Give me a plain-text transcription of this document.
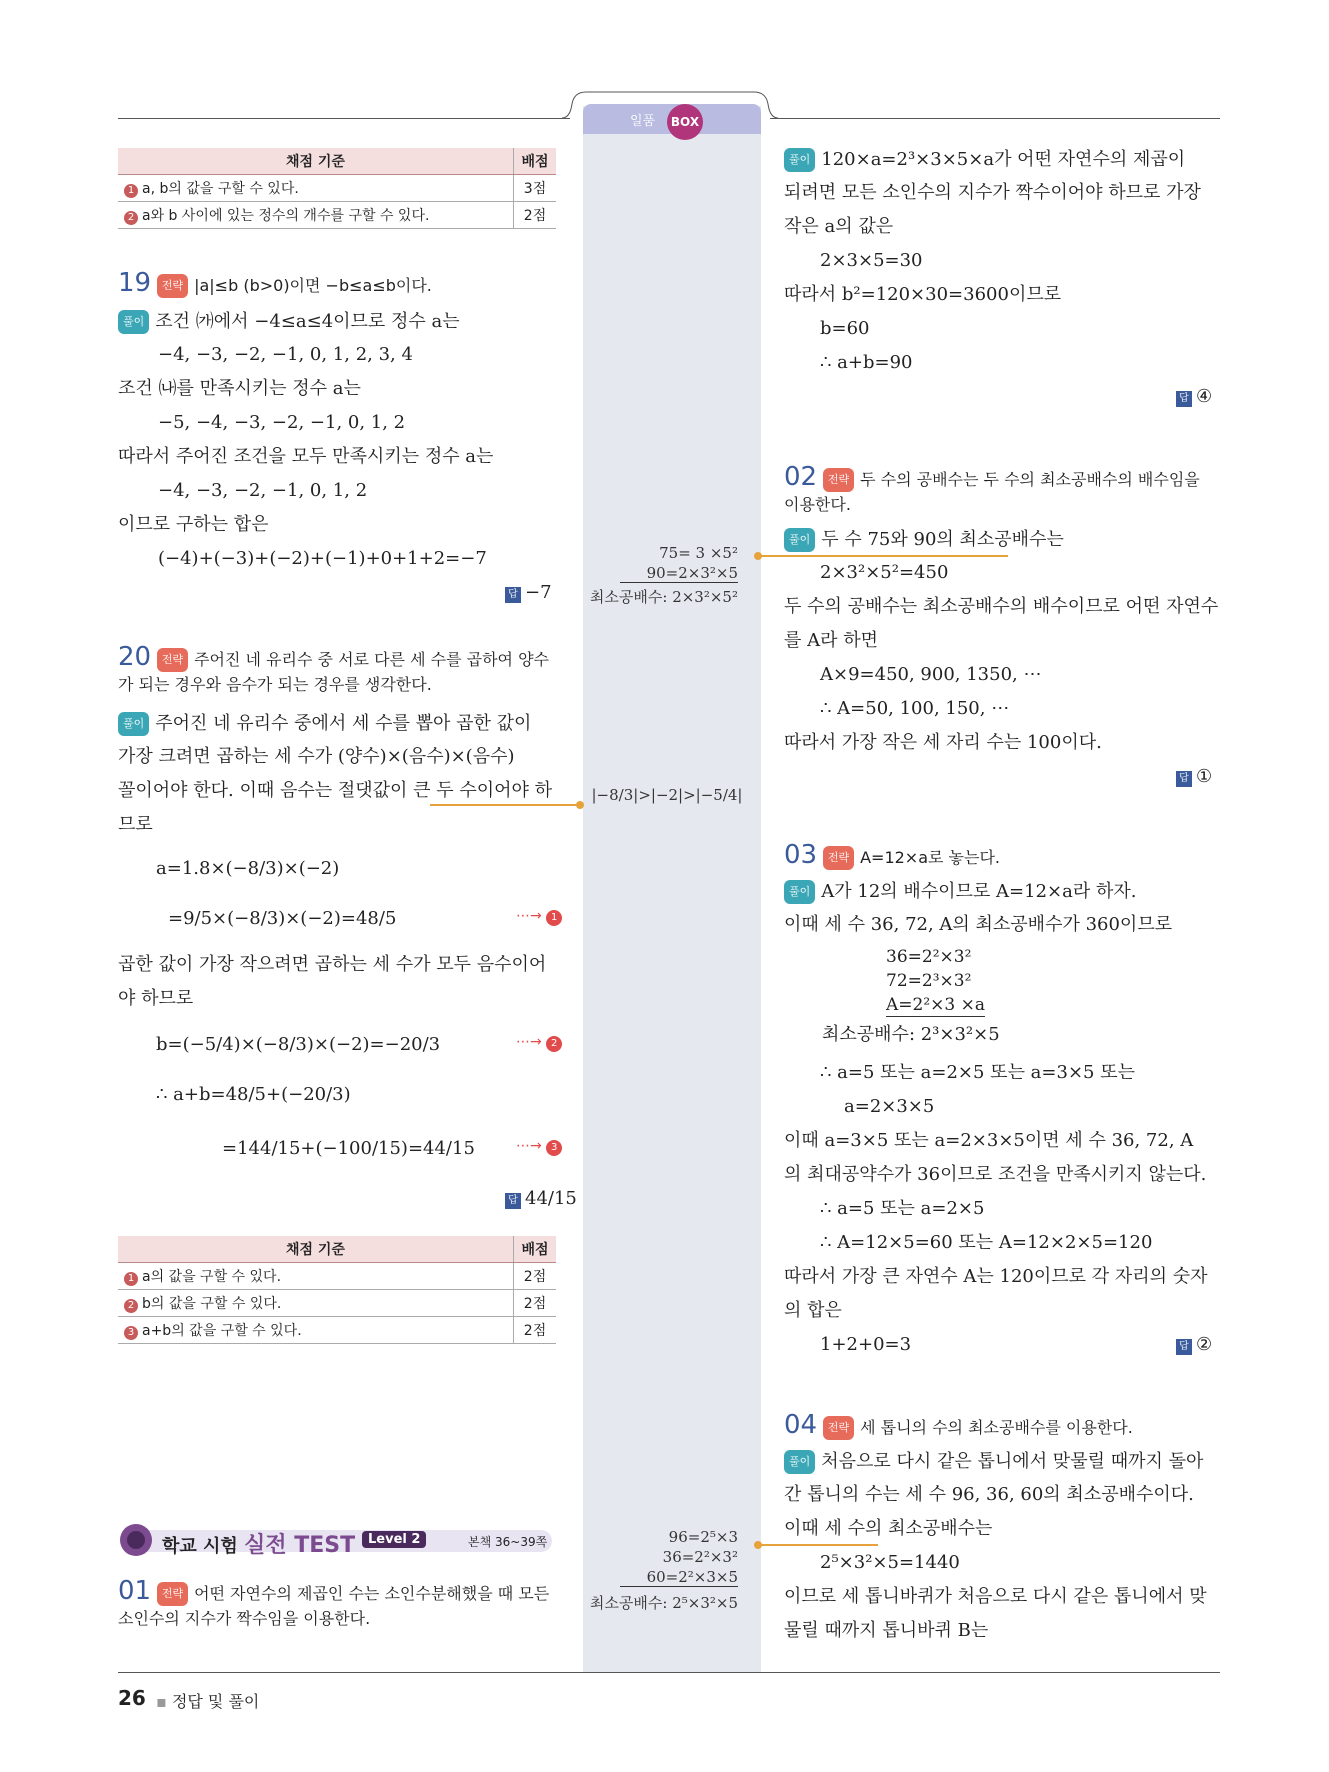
일품	BOX
채점 기준	배점
1 a, b의 값을 구할 수 있다.	3점
2 a와 b 사이에 있는 정수의 개수를 구할 수 있다.	2점
19 전략 |a|≤b (b>0)이면 −b≤a≤b이다.
풀이 조건 ㈎에서 −4≤a≤4이므로 정수 a는
−4, −3, −2, −1, 0, 1, 2, 3, 4
조건 ㈏를 만족시키는 정수 a는
−5, −4, −3, −2, −1, 0, 1, 2
따라서 주어진 조건을 모두 만족시키는 정수 a는
−4, −3, −2, −1, 0, 1, 2
이므로 구하는 합은
(−4)+(−3)+(−2)+(−1)+0+1+2=−7
답 −7
20 전략 주어진 네 유리수 중 서로 다른 세 수를 곱하여 양수
가 되는 경우와 음수가 되는 경우를 생각한다.
풀이 주어진 네 유리수 중에서 세 수를 뽑아 곱한 값이
가장 크려면 곱하는 세 수가 (양수)×(음수)×(음수)
꼴이어야 한다. 이때 음수는 절댓값이 큰 두 수이어야 하
므로
a=1.8×(−8/3)×(−2)
=9/5×(−8/3)×(−2)=48/5	⋯→ 1
곱한 값이 가장 작으려면 곱하는 세 수가 모두 음수이어
야 하므로
b=(−5/4)×(−8/3)×(−2)=−20/3	⋯→ 2
∴ a+b=48/5+(−20/3)
=144/15+(−100/15)=44/15	⋯→ 3
답 44/15
채점 기준	배점
1 a의 값을 구할 수 있다.	2점
2 b의 값을 구할 수 있다.	2점
3 a+b의 값을 구할 수 있다.	2점
학교 시험 실전 TEST Level 2	본책 36~39쪽
01 전략 어떤 자연수의 제곱인 수는 소인수분해했을 때 모든
소인수의 지수가 짝수임을 이용한다.
75= 3 ×5²
90=2×3²×5
최소공배수: 2×3²×5²
|−8/3|>|−2|>|−5/4|
96=2⁵×3
36=2²×3²
60=2²×3×5
최소공배수: 2⁵×3²×5
풀이 120×a=2³×3×5×a가 어떤 자연수의 제곱이
되려면 모든 소인수의 지수가 짝수이어야 하므로 가장
작은 a의 값은
2×3×5=30
따라서 b²=120×30=3600이므로
b=60
∴ a+b=90
답 ④
02 전략 두 수의 공배수는 두 수의 최소공배수의 배수임을
이용한다.
풀이 두 수 75와 90의 최소공배수는
2×3²×5²=450
두 수의 공배수는 최소공배수의 배수이므로 어떤 자연수
를 A라 하면
A×9=450, 900, 1350, ⋯
∴ A=50, 100, 150, ⋯
따라서 가장 작은 세 자리 수는 100이다.
답 ①
03 전략 A=12×a로 놓는다.
풀이 A가 12의 배수이므로 A=12×a라 하자.
이때 세 수 36, 72, A의 최소공배수가 360이므로
36=2²×3²
72=2³×3²
A=2²×3 ×a
최소공배수: 2³×3²×5
∴ a=5 또는 a=2×5 또는 a=3×5 또는
a=2×3×5
이때 a=3×5 또는 a=2×3×5이면 세 수 36, 72, A
의 최대공약수가 36이므로 조건을 만족시키지 않는다.
∴ a=5 또는 a=2×5
∴ A=12×5=60 또는 A=12×2×5=120
따라서 가장 큰 자연수 A는 120이므로 각 자리의 숫자
의 합은
1+2+0=3	답 ②
04 전략 세 톱니의 수의 최소공배수를 이용한다.
풀이 처음으로 다시 같은 톱니에서 맞물릴 때까지 돌아
간 톱니의 수는 세 수 96, 36, 60의 최소공배수이다.
이때 세 수의 최소공배수는
2⁵×3²×5=1440
이므로 세 톱니바퀴가 처음으로 다시 같은 톱니에서 맞
물릴 때까지 톱니바퀴 B는
26 ▪ 정답 및 풀이
